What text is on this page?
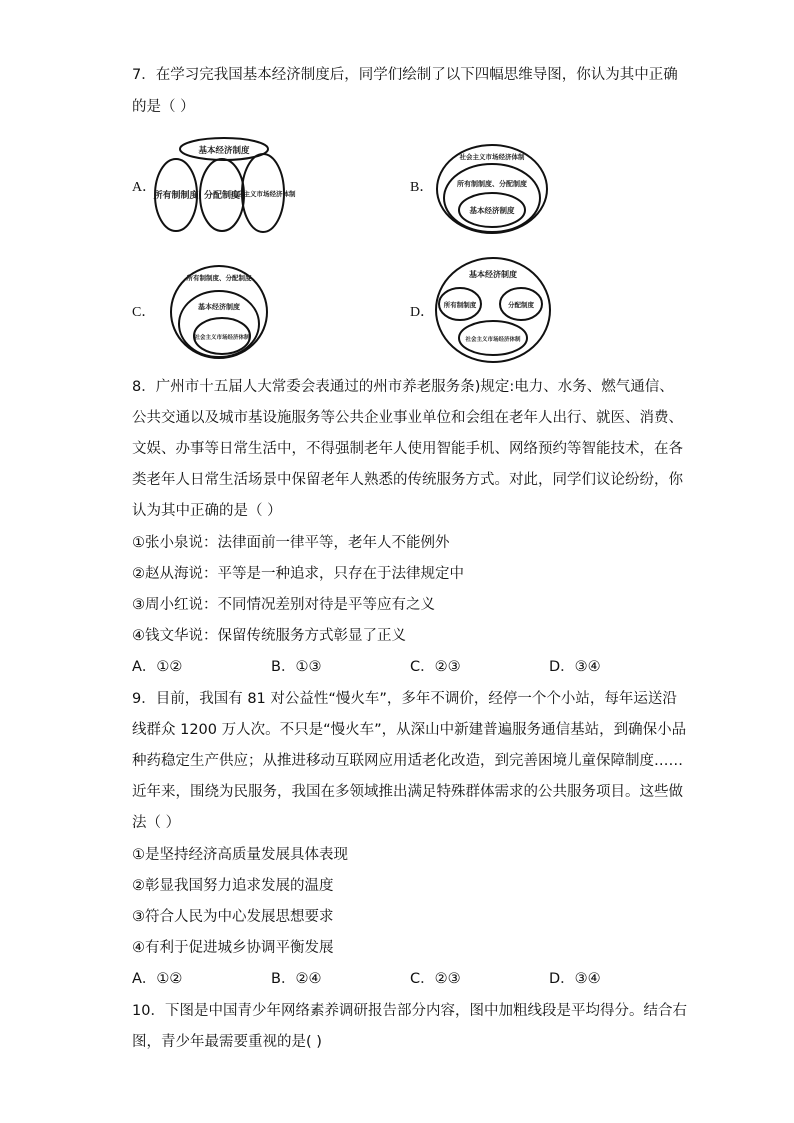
7．在学习完我国基本经济制度后，同学们绘制了以下四幅思维导图，你认为其中正确
的是（ ）
A．
基本经济制度
所有制制度 分配制度
社会主义市场经济体制	B．
社会主义市场经济体制
所有制制度、分配制度
基本经济制度
C．
所有制制度、分配制度
基本经济制度
社会主义市场经济体制
D．
基本经济制度
所有制制度	分配制度
社会主义市场经济体制
8．广州市十五届人大常委会表通过的州市养老服务条)规定:电力、水务、燃气通信、
公共交通以及城市基设施服务等公共企业事业单位和会组在老年人出行、就医、消费、
文娱、办事等日常生活中，不得强制老年人使用智能手机、网络预约等智能技术，在各
类老年人日常生活场景中保留老年人熟悉的传统服务方式。对此，同学们议论纷纷，你
认为其中正确的是（ ）
①张小泉说：法律面前一律平等，老年人不能例外
②赵从海说：平等是一种追求，只存在于法律规定中
③周小红说：不同情况差别对待是平等应有之义
④钱文华说：保留传统服务方式彰显了正义
A．①②	B．①③	C．②③	D．③④
9．目前，我国有 81 对公益性“慢火车”，多年不调价，经停一个个小站，每年运送沿
线群众 1200 万人次。不只是“慢火车”，从深山中新建普遍服务通信基站，到确保小品
种药稳定生产供应；从推进移动互联网应用适老化改造，到完善困境儿童保障制度……
近年来，围绕为民服务，我国在多领域推出满足特殊群体需求的公共服务项目。这些做
法（ ）
①是坚持经济高质量发展具体表现
②彰显我国努力追求发展的温度
③符合人民为中心发展思想要求
④有利于促进城乡协调平衡发展
A．①②	B．②④	C．②③	D．③④
10．下图是中国青少年网络素养调研报告部分内容，图中加粗线段是平均得分。结合右
图，青少年最需要重视的是( )
